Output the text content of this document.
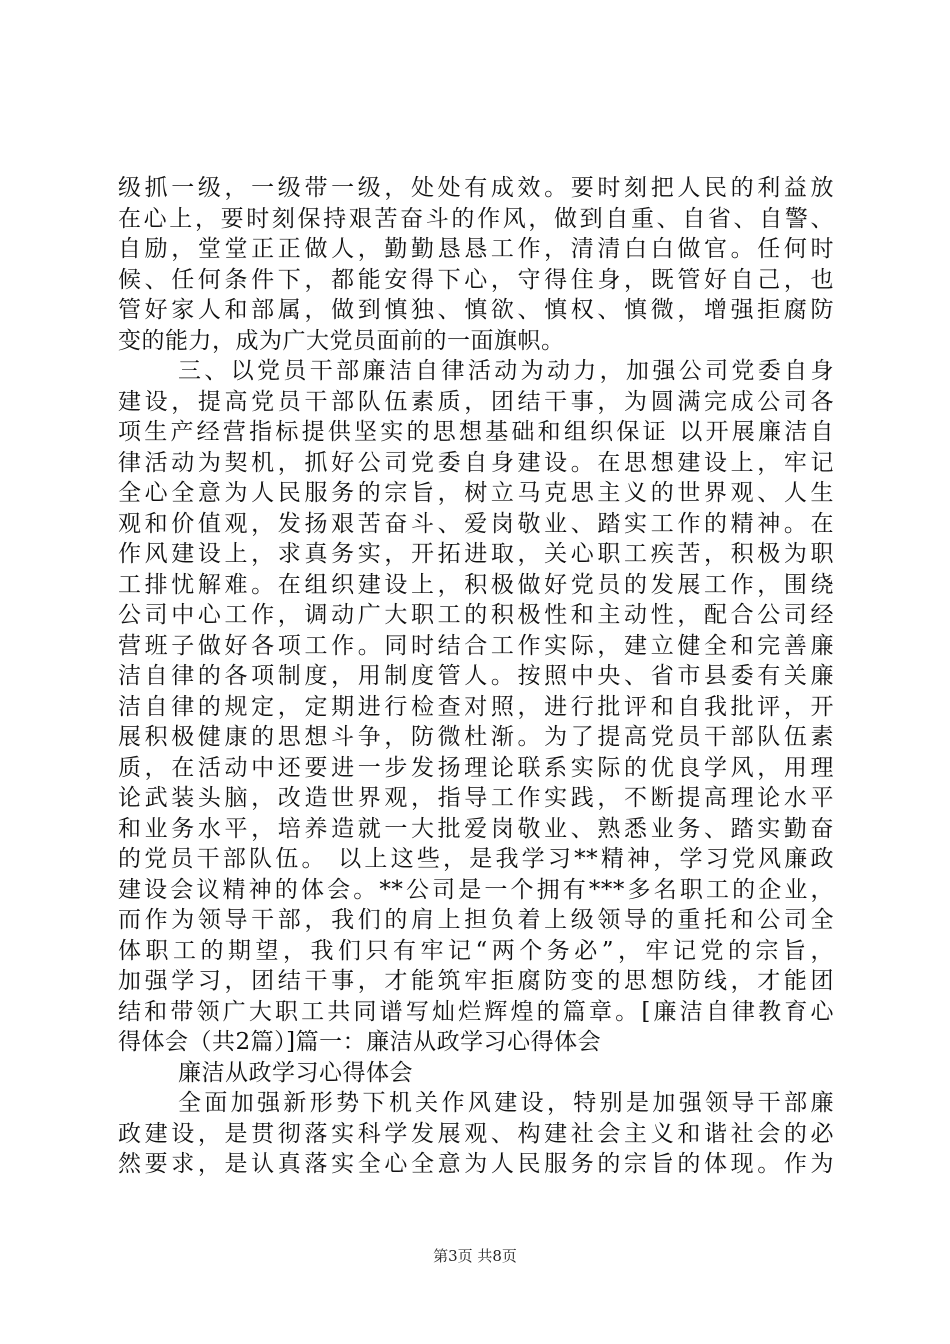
级抓一级，一级带一级，处处有成效。要时刻把人民的利益放
在心上，要时刻保持艰苦奋斗的作风，做到自重、自省、自警、
自励，堂堂正正做人，勤勤恳恳工作，清清白白做官。任何时
候、任何条件下，都能安得下心，守得住身，既管好自己，也
管好家人和部属，做到慎独、慎欲、慎权、慎微，增强拒腐防
变的能力，成为广大党员面前的一面旗帜。
三、以党员干部廉洁自律活动为动力，加强公司党委自身
建设，提高党员干部队伍素质，团结干事，为圆满完成公司各
项生产经营指标提供坚实的思想基础和组织保证 以开展廉洁自
律活动为契机，抓好公司党委自身建设。在思想建设上，牢记
全心全意为人民服务的宗旨，树立马克思主义的世界观、人生
观和价值观，发扬艰苦奋斗、爱岗敬业、踏实工作的精神。在
作风建设上，求真务实，开拓进取，关心职工疾苦，积极为职
工排忧解难。在组织建设上，积极做好党员的发展工作，围绕
公司中心工作，调动广大职工的积极性和主动性，配合公司经
营班子做好各项工作。同时结合工作实际，建立健全和完善廉
洁自律的各项制度，用制度管人。按照中央、省市县委有关廉
洁自律的规定，定期进行检查对照，进行批评和自我批评，开
展积极健康的思想斗争，防微杜渐。为了提高党员干部队伍素
质，在活动中还要进一步发扬理论联系实际的优良学风，用理
论武装头脑，改造世界观，指导工作实践，不断提高理论水平
和业务水平，培养造就一大批爱岗敬业、熟悉业务、踏实勤奋
的党员干部队伍。 以上这些，是我学习**精神，学习党风廉政
建设会议精神的体会。**公司是一个拥有***多名职工的企业，
而作为领导干部，我们的肩上担负着上级领导的重托和公司全
体职工的期望，我们只有牢记“两个务必”，牢记党的宗旨，
加强学习，团结干事，才能筑牢拒腐防变的思想防线，才能团
结和带领广大职工共同谱写灿烂辉煌的篇章。[廉洁自律教育心
得体会（共2篇）]篇一：廉洁从政学习心得体会
廉洁从政学习心得体会
全面加强新形势下机关作风建设，特别是加强领导干部廉
政建设，是贯彻落实科学发展观、构建社会主义和谐社会的必
然要求，是认真落实全心全意为人民服务的宗旨的体现。作为
第3页 共8页
